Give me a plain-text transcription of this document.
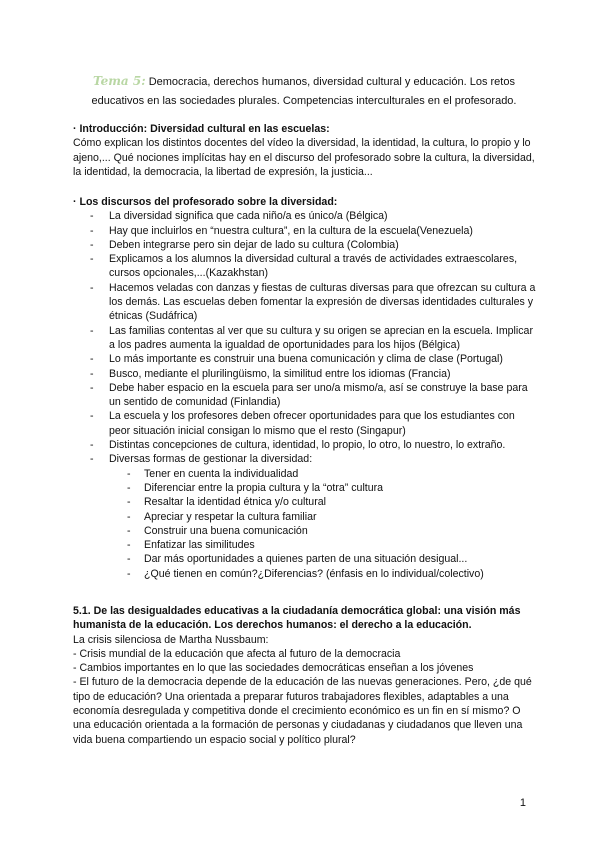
Tema 5: Democracia, derechos humanos, diversidad cultural y educación. Los retos educativos en las sociedades plurales. Competencias interculturales en el profesorado.
· Introducción: Diversidad cultural en las escuelas:
Cómo explican los distintos docentes del vídeo la diversidad, la identidad, la cultura, lo propio y lo ajeno,... Qué nociones implícitas hay en el discurso del profesorado sobre la cultura, la diversidad, la identidad, la democracia, la libertad de expresión, la justicia...
· Los discursos del profesorado sobre la diversidad:
- La diversidad significa que cada niño/a es único/a (Bélgica)
- Hay que incluirlos en “nuestra cultura”, en la cultura de la escuela(Venezuela)
- Deben integrarse pero sin dejar de lado su cultura (Colombia)
- Explicamos a los alumnos la diversidad cultural a través de actividades extraescolares, cursos opcionales,...(Kazakhstan)
- Hacemos veladas con danzas y fiestas de culturas diversas para que ofrezcan su cultura a los demás. Las escuelas deben fomentar la expresión de diversas identidades culturales y étnicas (Sudáfrica)
- Las familias contentas al ver que su cultura y su origen se aprecian en la escuela. Implicar a los padres aumenta la igualdad de oportunidades para los hijos (Bélgica)
- Lo más importante es construir una buena comunicación y clima de clase (Portugal)
- Busco, mediante el plurilingüismo, la similitud entre los idiomas (Francia)
- Debe haber espacio en la escuela para ser uno/a mismo/a, así se construye la base para un sentido de comunidad (Finlandia)
- La escuela y los profesores deben ofrecer oportunidades para que los estudiantes con peor situación inicial consigan lo mismo que el resto (Singapur)
- Distintas concepciones de cultura, identidad, lo propio, lo otro, lo nuestro, lo extraño.
- Diversas formas de gestionar la diversidad:
- Tener en cuenta la individualidad
- Diferenciar entre la propia cultura y la “otra” cultura
- Resaltar la identidad étnica y/o cultural
- Apreciar y respetar la cultura familiar
- Construir una buena comunicación
- Enfatizar las similitudes
- Dar más oportunidades a quienes parten de una situación desigual...
- ¿Qué tienen en común?¿Diferencias? (énfasis en lo individual/colectivo)
5.1. De las desigualdades educativas a la ciudadanía democrática global: una visión más humanista de la educación. Los derechos humanos: el derecho a la educación.
La crisis silenciosa de Martha Nussbaum:
- Crisis mundial de la educación que afecta al futuro de la democracia
- Cambios importantes en lo que las sociedades democráticas enseñan a los jóvenes
- El futuro de la democracia depende de la educación de las nuevas generaciones. Pero, ¿de qué tipo de educación? Una orientada a preparar futuros trabajadores flexibles, adaptables a una economía desregulada y competitiva donde el crecimiento económico es un fin en sí mismo? O una educación orientada a la formación de personas y ciudadanas y ciudadanos que lleven una vida buena compartiendo un espacio social y político plural?
1
